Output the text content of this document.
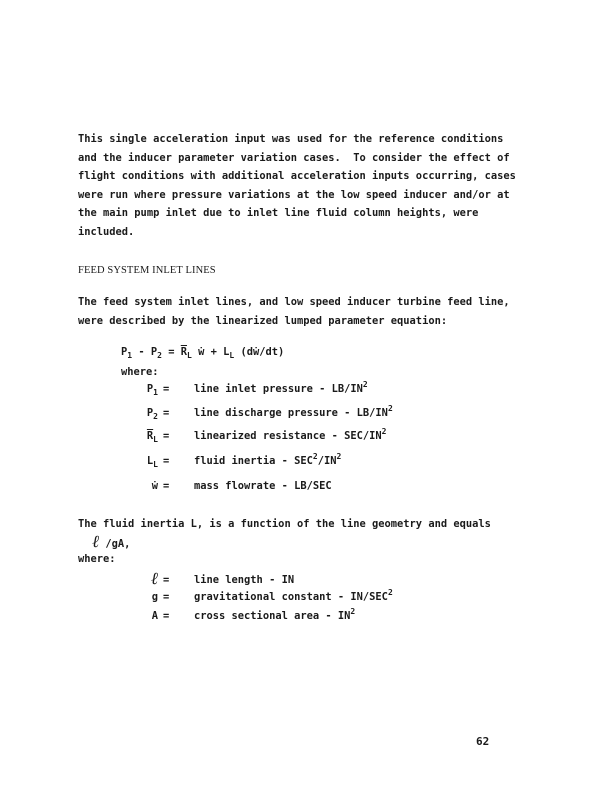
This single acceleration input was used for the reference conditions
and the inducer parameter variation cases.  To consider the effect of
flight conditions with additional acceleration inputs occurring, cases
were run where pressure variations at the low speed inducer and/or at
the main pump inlet due to inlet line fluid column heights, were
included.
FEED SYSTEM INLET LINES
The feed system inlet lines, and low speed inducer turbine feed line,
were described by the linearized lumped parameter equation:
$P_1 - P_2 = \overline{R}_L$ ẇ + $L_L$ (dẇ/dt)
where:
$P_1$ = line inlet pressure - $LB/IN^2$
$P_2$ = line discharge pressure - $LB/IN^2$
$\overline{R}_L$ = linearized resistance - SEC/$IN^2$
$L_L$ = fluid inertia - $SEC^2/IN^2$
ẇ = mass flowrate - LB/SEC
The fluid inertia L, is a function of the line geometry and equals
ℓ /gA,
where:
ℓ = line length - IN
g = gravitational constant - IN/SEC$^2$
A = cross sectional area - $IN^2$
62
